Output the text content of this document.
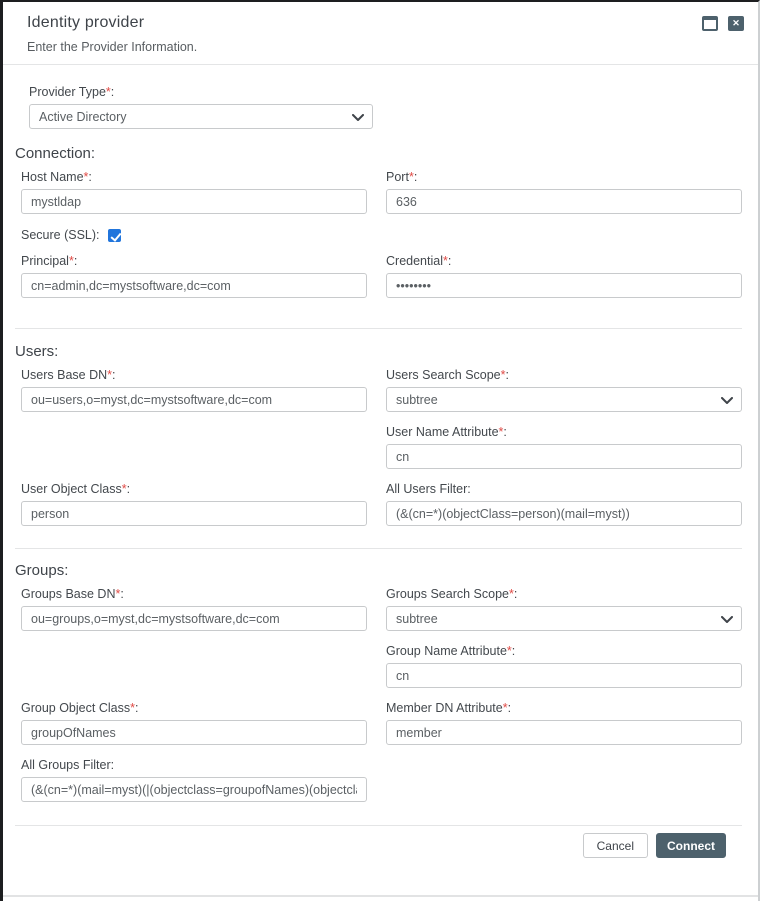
Identity provider
Enter the Provider Information.
✕
Provider Type*:
Active Directory
Connection:
Host Name*:
mystldap	Port*:
636
Secure (SSL):
Principal*:
cn=admin,dc=mystsoftware,dc=com	Credential*:
••••••••
Users:
Users Base DN*:
ou=users,o=myst,dc=mystsoftware,dc=com	Users Search Scope*:
subtree
User Name Attribute*:
cn
User Object Class*:
person	All Users Filter:
(&(cn=*)(objectClass=person)(mail=myst))
Groups:
Groups Base DN*:
ou=groups,o=myst,dc=mystsoftware,dc=com	Groups Search Scope*:
subtree
Group Name Attribute*:
cn
Group Object Class*:
groupOfNames	Member DN Attribute*:
member
All Groups Filter:
(&(cn=*)(mail=myst)(|(objectclass=groupofNames)(objectclass=
Cancel	Connect
